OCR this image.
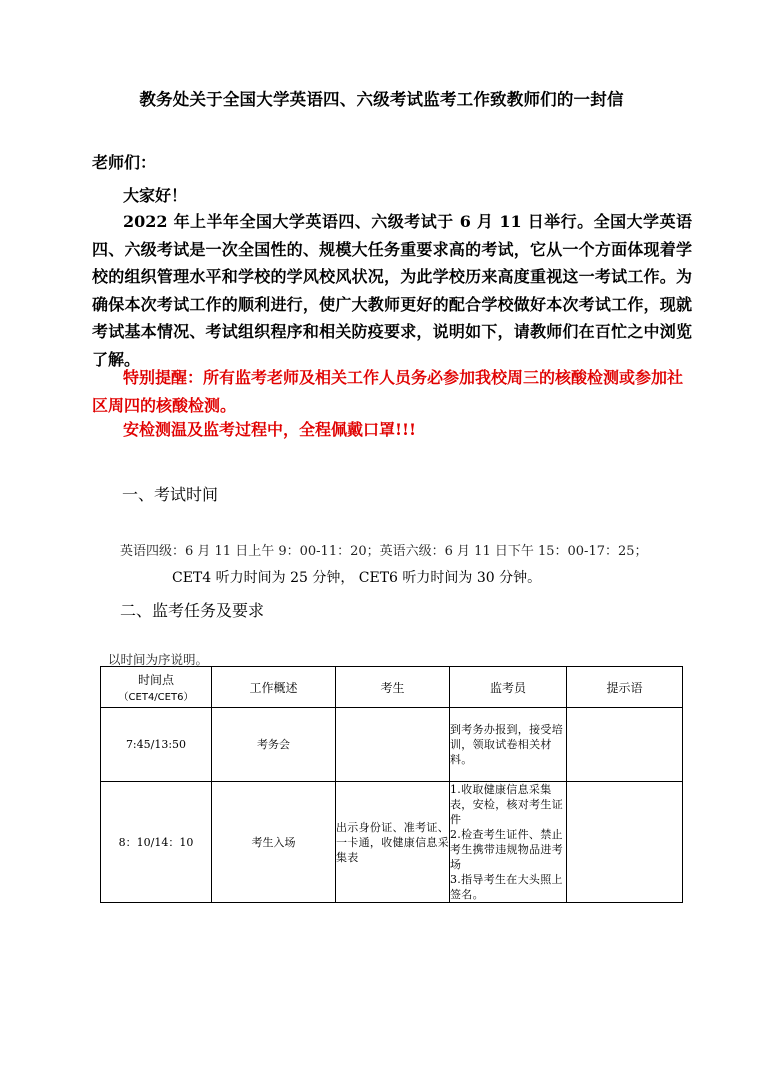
教务处关于全国大学英语四、六级考试监考工作致教师们的一封信
老师们：
大家好！
2022 年上半年全国大学英语四、六级考试于 6 月 11 日举行。全国大学英语四、六级考试是一次全国性的、规模大任务重要求高的考试，它从一个方面体现着学校的组织管理水平和学校的学风校风状况，为此学校历来高度重视这一考试工作。为确保本次考试工作的顺利进行，使广大教师更好的配合学校做好本次考试工作，现就考试基本情况、考试组织程序和相关防疫要求，说明如下，请教师们在百忙之中浏览了解。
特别提醒：所有监考老师及相关工作人员务必参加我校周三的核酸检测或参加社区周四的核酸检测。
安检测温及监考过程中，全程佩戴口罩!!!
一、考试时间
英语四级：6 月 11 日上午 9：00-11：20；英语六级：6 月 11 日下午 15：00-17：25；
CET4 听力时间为 25 分钟， CET6 听力时间为 30 分钟。
二、监考任务及要求
以时间为序说明。
时间点
（CET4/CET6）	工作概述	考生	监考员	提示语
7:45/13:50	考务会		到考务办报到，接受培训，领取试卷相关材料。	
8：10/14：10	考生入场	出示身份证、准考证、一卡通，收健康信息采集表	1.收取健康信息采集表，安检，核对考生证件
2.检查考生证件、禁止考生携带违规物品进考场
3.指导考生在大头照上签名。	
